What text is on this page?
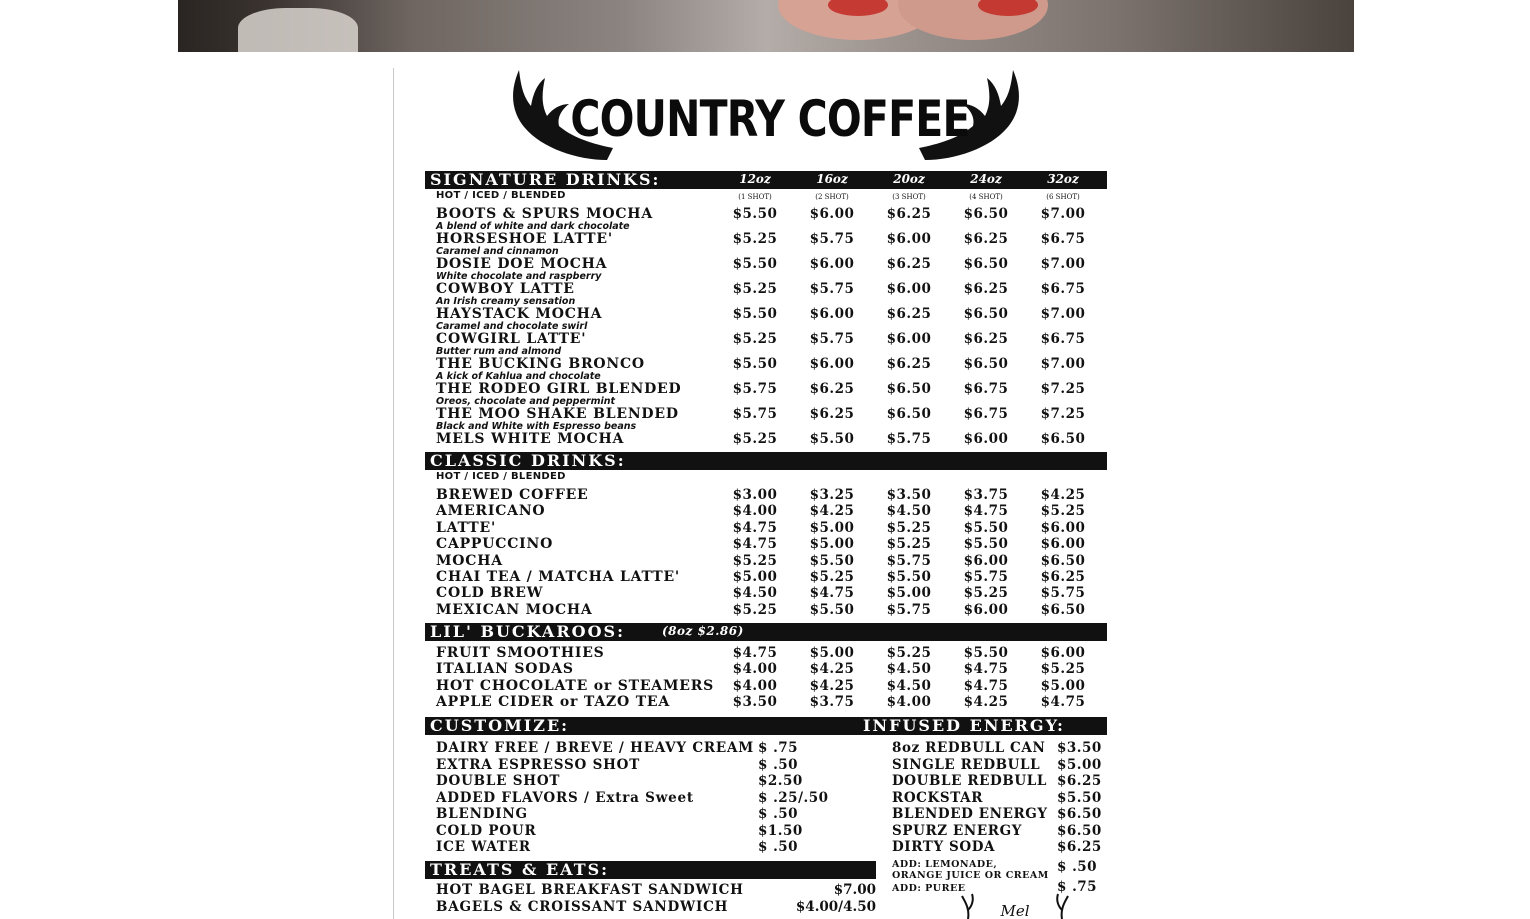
COUNTRY COFFEE
SIGNATURE DRINKS:	12oz	16oz	20oz	24oz	32oz
HOT / ICED / BLENDED	(1 SHOT)	(2 SHOT)	(3 SHOT)	(4 SHOT)	(6 SHOT)
BOOTS & SPURS MOCHA
A blend of white and dark chocolate
$5.50	$6.00	$6.25	$6.50	$7.00
HORSESHOE LATTE'
Caramel and cinnamon
$5.25	$5.75	$6.00	$6.25	$6.75
DOSIE DOE MOCHA
White chocolate and raspberry
$5.50	$6.00	$6.25	$6.50	$7.00
COWBOY LATTE
An Irish creamy sensation
$5.25	$5.75	$6.00	$6.25	$6.75
HAYSTACK MOCHA
Caramel and chocolate swirl
$5.50	$6.00	$6.25	$6.50	$7.00
COWGIRL LATTE'
Butter rum and almond
$5.25	$5.75	$6.00	$6.25	$6.75
THE BUCKING BRONCO
A kick of Kahlua and chocolate
$5.50	$6.00	$6.25	$6.50	$7.00
THE RODEO GIRL BLENDED
Oreos, chocolate and peppermint
$5.75	$6.25	$6.50	$6.75	$7.25
THE MOO SHAKE BLENDED
Black and White with Espresso beans
$5.75	$6.25	$6.50	$6.75	$7.25
MELS WHITE MOCHA	$5.25	$5.50	$5.75	$6.00	$6.50
CLASSIC DRINKS:
HOT / ICED / BLENDED
BREWED COFFEE	$3.00	$3.25	$3.50	$3.75	$4.25
AMERICANO	$4.00	$4.25	$4.50	$4.75	$5.25
LATTE'	$4.75	$5.00	$5.25	$5.50	$6.00
CAPPUCCINO	$4.75	$5.00	$5.25	$5.50	$6.00
MOCHA	$5.25	$5.50	$5.75	$6.00	$6.50
CHAI TEA / MATCHA LATTE'	$5.00	$5.25	$5.50	$5.75	$6.25
COLD BREW	$4.50	$4.75	$5.00	$5.25	$5.75
MEXICAN MOCHA	$5.25	$5.50	$5.75	$6.00	$6.50
LIL' BUCKAROOS:	(8oz $2.86)
FRUIT SMOOTHIES	$4.75	$5.00	$5.25	$5.50	$6.00
ITALIAN SODAS	$4.00	$4.25	$4.50	$4.75	$5.25
HOT CHOCOLATE or STEAMERS	$4.00	$4.25	$4.50	$4.75	$5.00
APPLE CIDER or TAZO TEA	$3.50	$3.75	$4.00	$4.25	$4.75
CUSTOMIZE:	INFUSED ENERGY:
DAIRY FREE / BREVE / HEAVY CREAM $ .75
EXTRA ESPRESSO SHOT	$ .50
DOUBLE SHOT	$2.50
ADDED FLAVORS / Extra Sweet	$ .25/.50
BLENDING	$ .50
COLD POUR	$1.50
ICE WATER	$ .50
8oz REDBULL CAN $3.50
SINGLE REDBULL $5.00
DOUBLE REDBULL $6.25
ROCKSTAR	$5.50
BLENDED ENERGY $6.50
SPURZ ENERGY	$6.50
DIRTY SODA	$6.25
ADD: LEMONADE,
ORANGE JUICE OR CREAM
$ .50
ADD: PUREE	$ .75
TREATS & EATS:
HOT BAGEL BREAKFAST SANDWICH	$7.00
BAGELS & CROISSANT SANDWICH	$4.00/4.50	Mel
